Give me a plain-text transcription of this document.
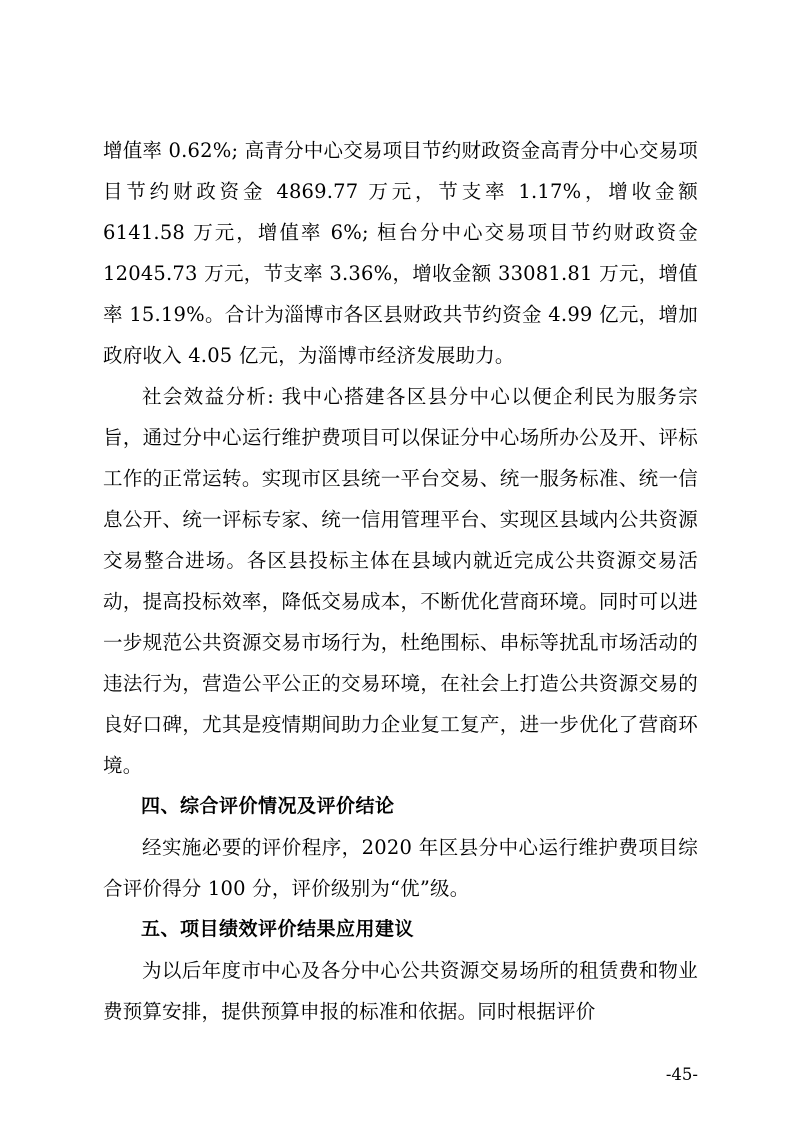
增值率 0.62%; 高青分中心交易项目节约财政资金高青分中心交易项目节约财政资金 4869.77 万元，节支率 1.17%，增收金额 6141.58 万元，增值率 6%; 桓台分中心交易项目节约财政资金 12045.73 万元，节支率 3.36%，增收金额 33081.81 万元，增值率 15.19%。合计为淄博市各区县财政共节约资金 4.99 亿元，增加政府收入 4.05 亿元，为淄博市经济发展助力。

社会效益分析: 我中心搭建各区县分中心以便企利民为服务宗旨，通过分中心运行维护费项目可以保证分中心场所办公及开、评标工作的正常运转。实现市区县统一平台交易、统一服务标准、统一信息公开、统一评标专家、统一信用管理平台、实现区县域内公共资源交易整合进场。各区县投标主体在县域内就近完成公共资源交易活动，提高投标效率，降低交易成本，不断优化营商环境。同时可以进一步规范公共资源交易市场行为，杜绝围标、串标等扰乱市场活动的违法行为，营造公平公正的交易环境，在社会上打造公共资源交易的良好口碑，尤其是疫情期间助力企业复工复产，进一步优化了营商环境。

四、综合评价情况及评价结论

经实施必要的评价程序，2020 年区县分中心运行维护费项目综合评价得分 100 分，评价级别为“优”级。

五、项目绩效评价结果应用建议

为以后年度市中心及各分中心公共资源交易场所的租赁费和物业费预算安排，提供预算申报的标准和依据。同时根据评价

-45-
